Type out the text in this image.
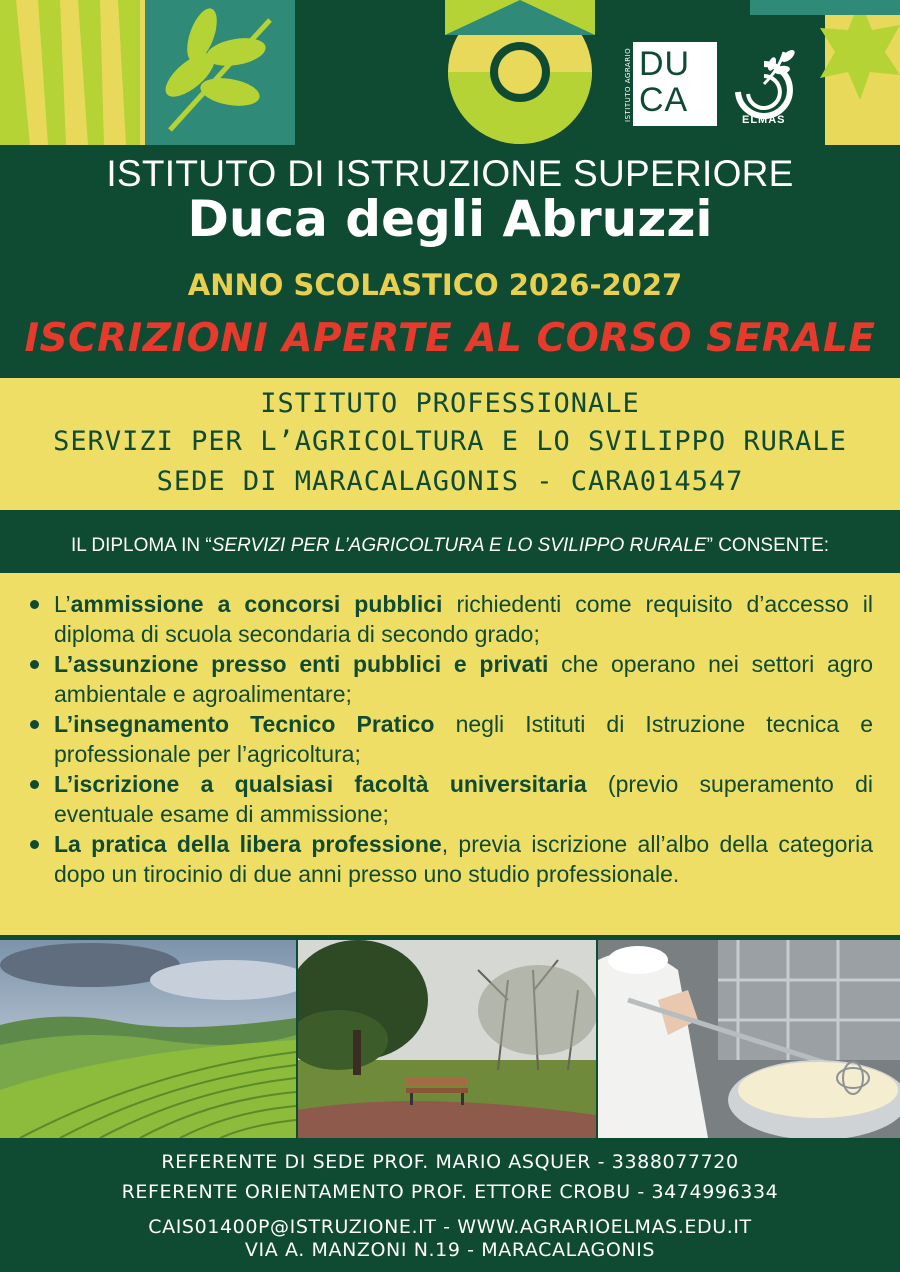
ISTITUTO AGRARIO DU
CA
ELMAS
ISTITUTO DI ISTRUZIONE SUPERIORE
Duca degli Abruzzi
ANNO SCOLASTICO 2026-2027
ISCRIZIONI APERTE AL CORSO SERALE
ISTITUTO PROFESSIONALE
SERVIZI PER L’AGRICOLTURA E LO SVILIPPO RURALE
SEDE DI MARACALAGONIS - CARA014547
IL DIPLOMA IN “SERVIZI PER L’AGRICOLTURA E LO SVILIPPO RURALE” CONSENTE:
L’ammissione a concorsi pubblici richiedenti come requisito d’accesso il diploma di scuola secondaria di secondo grado;
L’assunzione presso enti pubblici e privati che operano nei settori agro ambientale e agroalimentare;
L’insegnamento Tecnico Pratico negli Istituti di Istruzione tecnica e professionale per l’agricoltura;
L’iscrizione a qualsiasi facoltà universitaria (previo superamento di eventuale esame di ammissione;
La pratica della libera professione, previa iscrizione all’albo della categoria dopo un tirocinio di due anni presso uno studio professionale.
REFERENTE DI SEDE PROF. MARIO ASQUER - 3388077720
REFERENTE ORIENTAMENTO PROF. ETTORE CROBU - 3474996334
CAIS01400P@ISTRUZIONE.IT - WWW.AGRARIOELMAS.EDU.IT
VIA A. MANZONI N.19 - MARACALAGONIS
